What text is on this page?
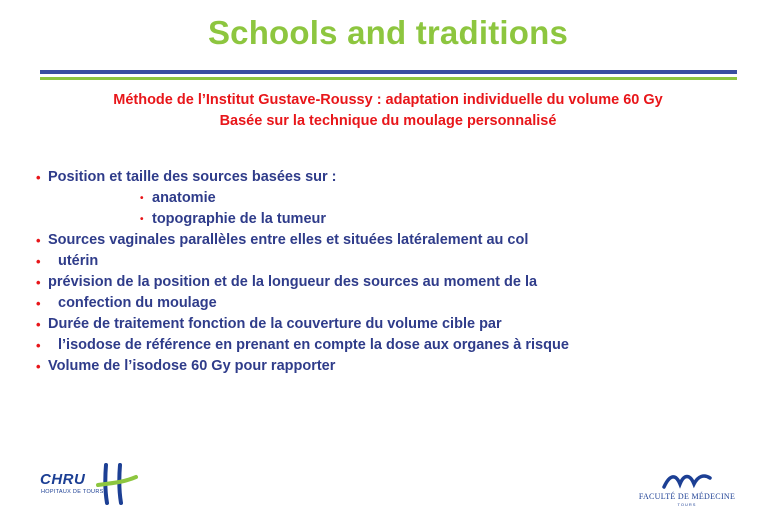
Schools and traditions
Méthode de l’Institut Gustave-Roussy : adaptation individuelle du volume 60 Gy
Basée sur la technique du moulage personnalisé
• Position et taille des sources basées sur :
• anatomie
• topographie de la tumeur
• Sources vaginales parallèles entre elles et situées latéralement au col
• utérin
• prévision de la position et de la longueur des sources au moment de la
• confection du moulage
• Durée de traitement fonction de la couverture du volume cible par
• l’isodose de référence en prenant en compte la dose aux organes à risque
• Volume de l’isodose 60 Gy pour rapporter
CHRU
HOPITAUX DE TOURS	FACULTÉ DE MÉDECINE
TOURS
